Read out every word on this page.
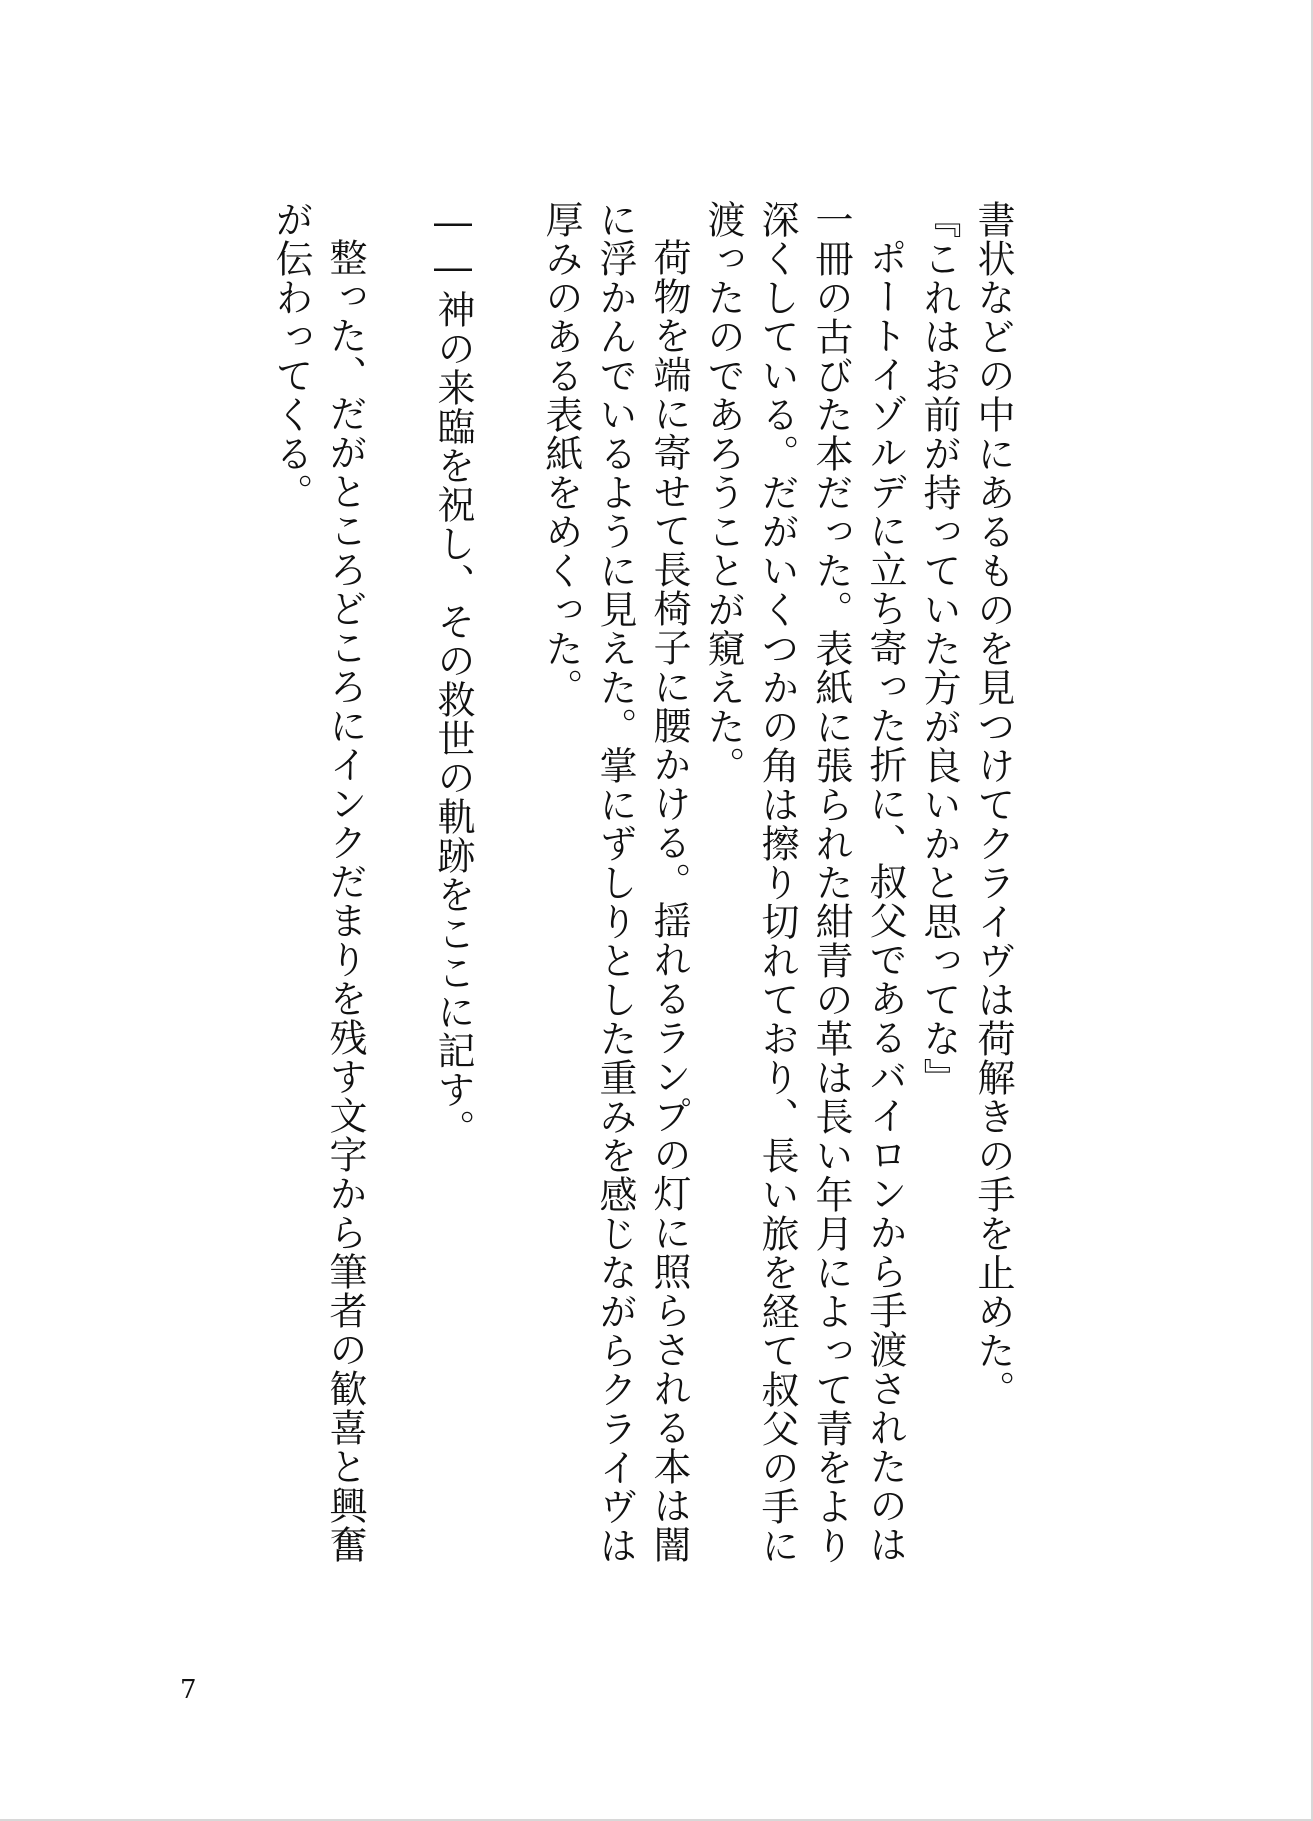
書状などの中にあるものを見つけてクライヴは荷解きの手を止めた。

『これはお前が持っていた方が良いかと思ってな』

ポートイゾルデに立ち寄った折に、叔父であるバイロンから手渡されたのは一冊の古びた本だった。表紙に張られた紺青の革は長い年月によって青をより深くしている。だがいくつかの角は擦り切れており、長い旅を経て叔父の手に渡ったのであろうことが窺えた。

荷物を端に寄せて長椅子に腰かける。揺れるランプの灯に照らされる本は闇に浮かんでいるように見えた。掌にずしりとした重みを感じながらクライヴは厚みのある表紙をめくった。

――神の来臨を祝し、その救世の軌跡をここに記す。

整った、だがところどころにインクだまりを残す文字から筆者の歓喜と興奮が伝わってくる。

7
